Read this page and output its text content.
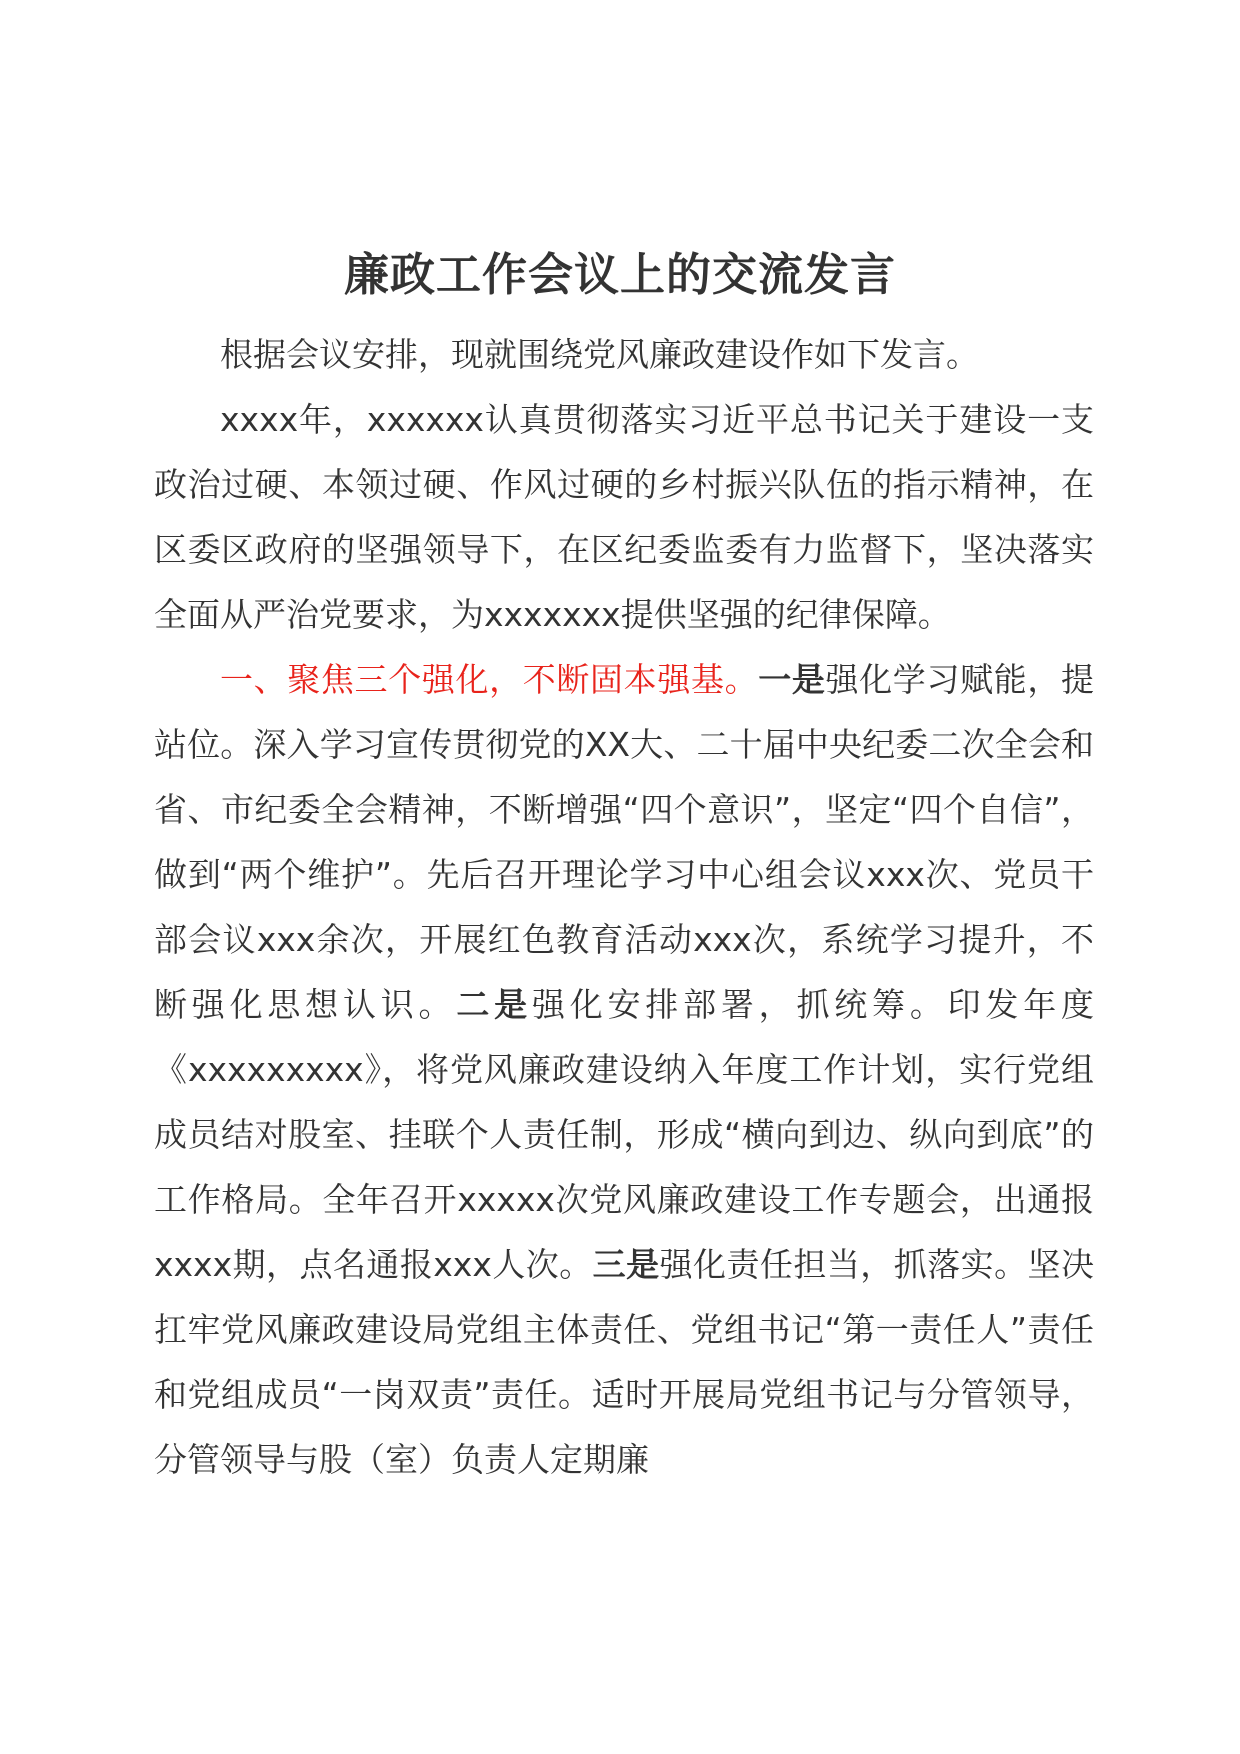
廉政工作会议上的交流发言

根据会议安排，现就围绕党风廉政建设作如下发言。

xxxx年，xxxxxx认真贯彻落实习近平总书记关于建设一支政治过硬、本领过硬、作风过硬的乡村振兴队伍的指示精神，在区委区政府的坚强领导下，在区纪委监委有力监督下，坚决落实全面从严治党要求，为xxxxxxx提供坚强的纪律保障。

一、聚焦三个强化，不断固本强基。一是强化学习赋能，提站位。深入学习宣传贯彻党的XX大、二十届中央纪委二次全会和省、市纪委全会精神，不断增强“四个意识”，坚定“四个自信”，做到“两个维护”。先后召开理论学习中心组会议xxx次、党员干部会议xxx余次，开展红色教育活动xxx次，系统学习提升，不断强化思想认识。二是强化安排部署，抓统筹。印发年度《xxxxxxxxx》，将党风廉政建设纳入年度工作计划，实行党组成员结对股室、挂联个人责任制，形成“横向到边、纵向到底”的工作格局。全年召开xxxxx次党风廉政建设工作专题会，出通报xxxx期，点名通报xxx人次。三是强化责任担当，抓落实。坚决扛牢党风廉政建设局党组主体责任、党组书记“第一责任人”责任和党组成员“一岗双责”责任。适时开展局党组书记与分管领导，分管领导与股（室）负责人定期廉
